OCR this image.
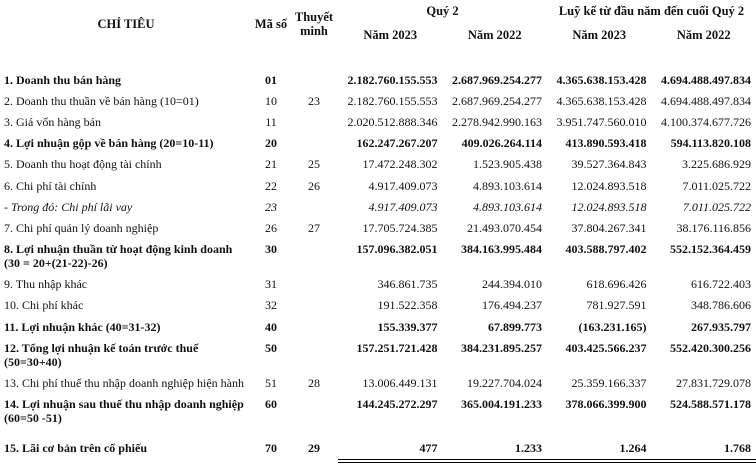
CHỈ TIÊU	Mã số	Thuyết minh	Quý 2		Luỹ kế từ đầu năm đến cuối Quý 2	
			Năm 2023	Năm 2022	Năm 2023	Năm 2022
1. Doanh thu bán hàng	01		2.182.760.155.553	2.687.969.254.277	4.365.638.153.428	4.694.488.497.834
2. Doanh thu thuần về bán hàng (10=01)	10	23	2.182.760.155.553	2.687.969.254.277	4.365.638.153.428	4.694.488.497.834
3. Giá vốn hàng bán	11		2.020.512.888.346	2.278.942.990.163	3.951.747.560.010	4.100.374.677.726
4. Lợi nhuận gộp về bán hàng (20=10-11)	20		162.247.267.207	409.026.264.114	413.890.593.418	594.113.820.108
5. Doanh thu hoạt động tài chính	21	25	17.472.248.302	1.523.905.438	39.527.364.843	3.225.686.929
6. Chi phí tài chính	22	26	4.917.409.073	4.893.103.614	12.024.893.518	7.011.025.722
- Trong đó: Chi phí lãi vay	23		4.917.409.073	4.893.103.614	12.024.893.518	7.011.025.722
7. Chi phí quản lý doanh nghiệp	26	27	17.705.724.385	21.493.070.454	37.804.267.341	38.176.116.856
8. Lợi nhuận thuần từ hoạt động kinh doanh (30 = 20+(21-22)-26)	30		157.096.382.051	384.163.995.484	403.588.797.402	552.152.364.459
9. Thu nhập khác	31		346.861.735	244.394.010	618.696.426	616.722.403
10. Chi phí khác	32		191.522.358	176.494.237	781.927.591	348.786.606
11. Lợi nhuận khác (40=31-32)	40		155.339.377	67.899.773	(163.231.165)	267.935.797
12. Tổng lợi nhuận kế toán trước thuế (50=30+40)	50		157.251.721.428	384.231.895.257	403.425.566.237	552.420.300.256
13. Chi phí thuế thu nhập doanh nghiệp hiện hành	51	28	13.006.449.131	19.227.704.024	25.359.166.337	27.831.729.078
14. Lợi nhuận sau thuế thu nhập doanh nghiệp (60=50 -51)	60		144.245.272.297	365.004.191.233	378.066.399.900	524.588.571.178
15. Lãi cơ bản trên cổ phiếu	70	29	477	1.233	1.264	1.768
